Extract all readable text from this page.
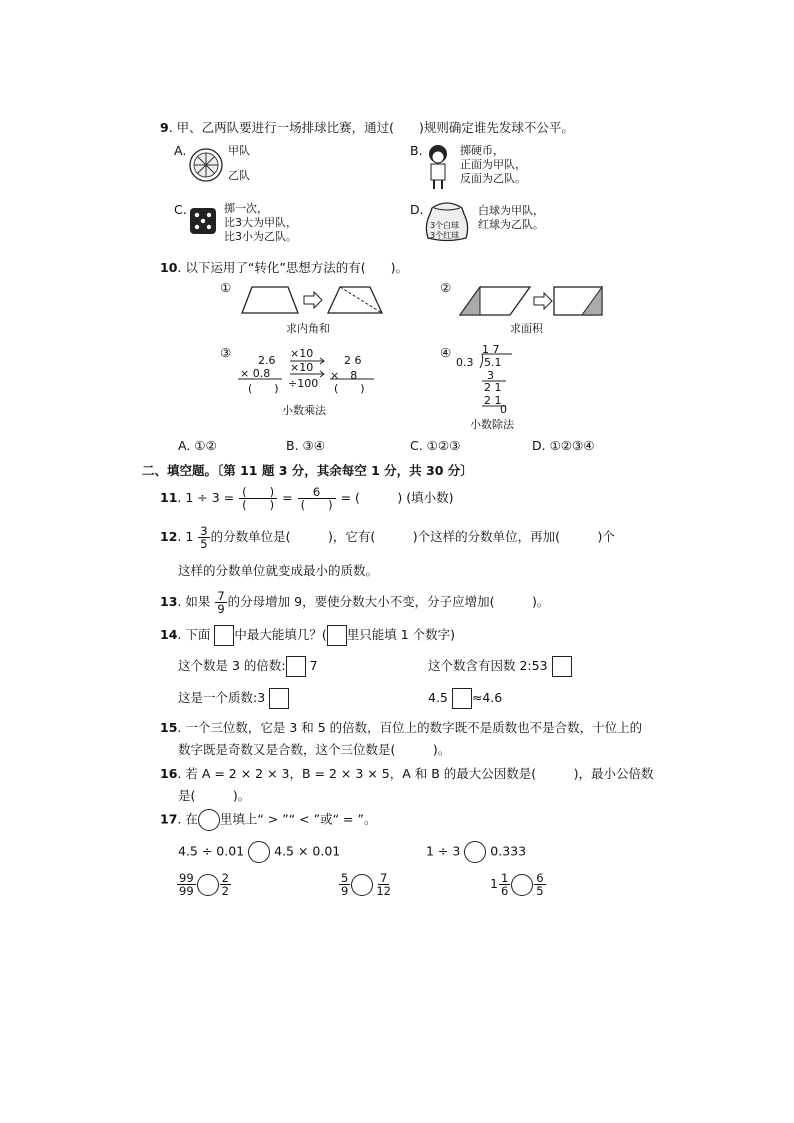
9. 甲、乙两队要进行一场排球比赛，通过(　　)规则确定谁先发球不公平。
A.	甲队
乙队
B.	掷硬币，
正面为甲队，
反面为乙队。
C.	掷一次，
比3大为甲队，
比3小为乙队。
D.
3个白球
3个红球
白球为甲队，
红球为乙队。
10. 以下运用了“转化”思想方法的有(　　)。
①
求内角和
②
求面积
③
2.6
× 0.8
(　　)
×10
×10
÷100
2 6
×　8
(　　)
小数乘法
④	1 7
0.3 5.1
3
2 1
2 1
0
小数除法
A. ①②	B. ③④	C. ①②③	D. ①②③④
二、填空题。〔第 11 题 3 分，其余每空 1 分，共 30 分〕
11. $1 \div 3 = \frac{( )}{( )} = \frac{6}{( )}$ = (　　　) (填小数)
12. $1 \frac{3}{5}$ 的分数单位是(　　　)，它有(　　　)个这样的分数单位，再加(　　　)个
这样的分数单位就变成最小的质数。
13. 如果 $\frac{7}{9}$ 的分母增加 9，要使分数大小不变，分子应增加(　　　)。
14. 下面 中最大能填几？( 里只能填 1 个数字)
这个数是 3 的倍数: 7	这个数含有因数 2:53
这是一个质数:3	4.5 ≈4.6
15. 一个三位数，它是 3 和 5 的倍数，百位上的数字既不是质数也不是合数，十位上的
数字既是奇数又是合数，这个三位数是(　　　)。
16. 若 A = 2 × 2 × 3，B = 2 × 3 × 5，A 和 B 的最大公因数是(　　　)，最小公倍数
是(　　　)。
17. 在 里填上“ > ”“ < ”或“ = ”。
4.5 ÷ 0.01 4.5 × 0.01	1 ÷ 3 0.333
$\frac{99}{99} \frac{2}{2}$	$\frac{5}{9} \frac{7}{12}$	$1 \frac{1}{6} \frac{6}{5}$
